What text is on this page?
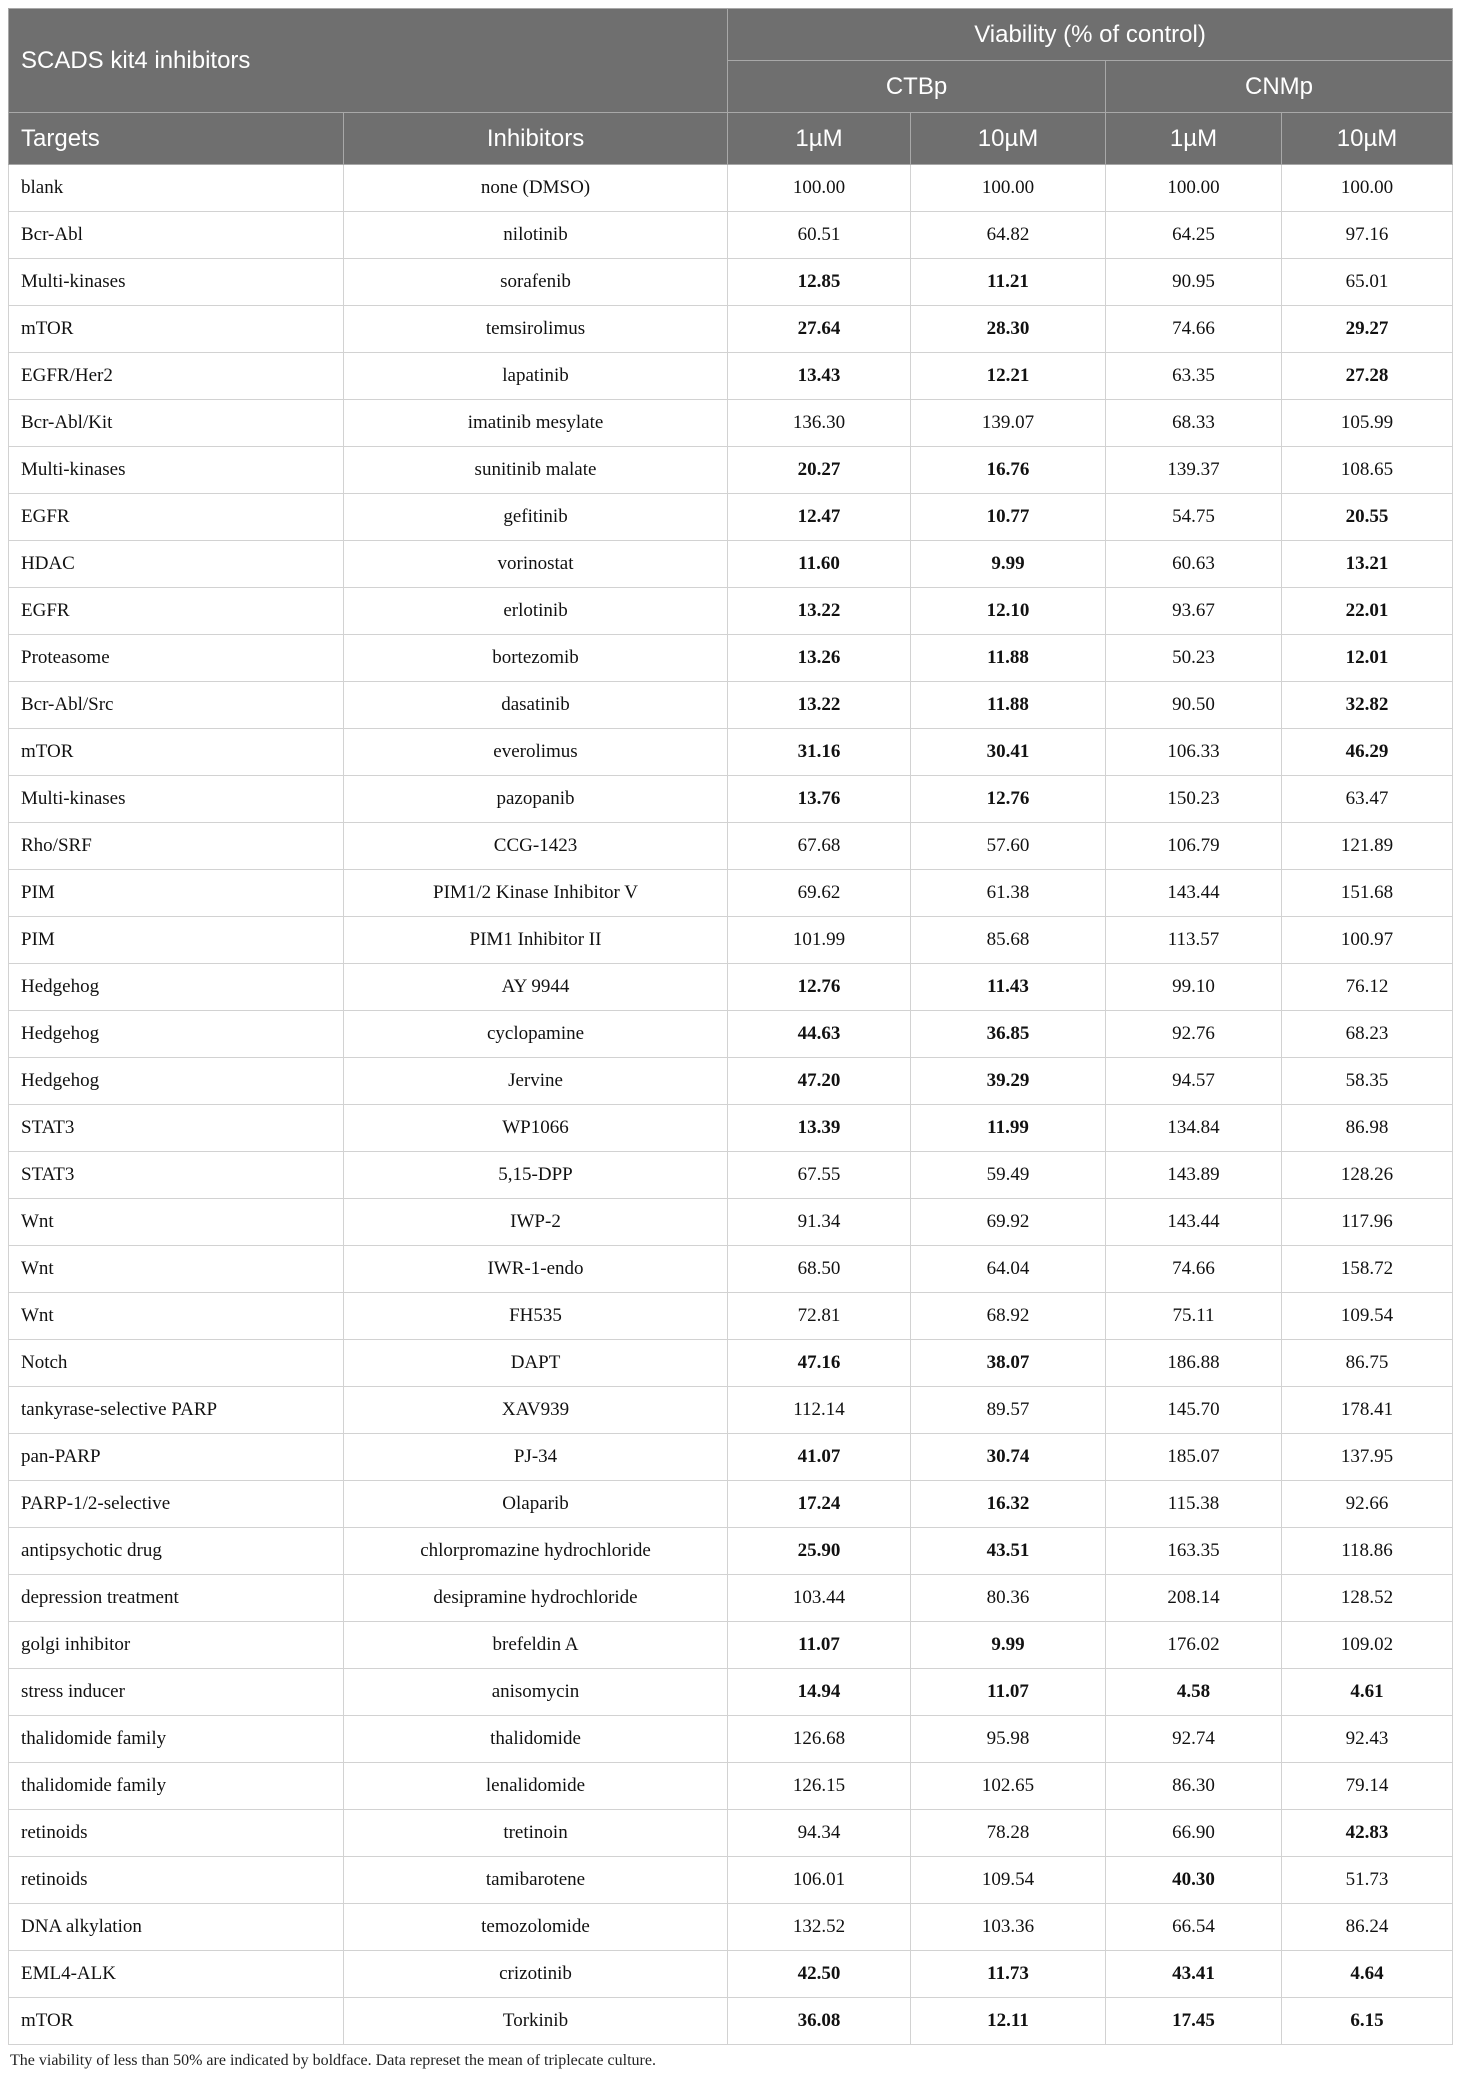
SCADS kit4 inhibitors		Viability (% of control)			
		CTBp		CNMp	
Targets	Inhibitors	1µM	10µM	1µM	10µM
blank	none (DMSO)	100.00	100.00	100.00	100.00
Bcr-Abl	nilotinib	60.51	64.82	64.25	97.16
Multi-kinases	sorafenib	12.85	11.21	90.95	65.01
mTOR	temsirolimus	27.64	28.30	74.66	29.27
EGFR/Her2	lapatinib	13.43	12.21	63.35	27.28
Bcr-Abl/Kit	imatinib mesylate	136.30	139.07	68.33	105.99
Multi-kinases	sunitinib malate	20.27	16.76	139.37	108.65
EGFR	gefitinib	12.47	10.77	54.75	20.55
HDAC	vorinostat	11.60	9.99	60.63	13.21
EGFR	erlotinib	13.22	12.10	93.67	22.01
Proteasome	bortezomib	13.26	11.88	50.23	12.01
Bcr-Abl/Src	dasatinib	13.22	11.88	90.50	32.82
mTOR	everolimus	31.16	30.41	106.33	46.29
Multi-kinases	pazopanib	13.76	12.76	150.23	63.47
Rho/SRF	CCG-1423	67.68	57.60	106.79	121.89
PIM	PIM1/2 Kinase Inhibitor V	69.62	61.38	143.44	151.68
PIM	PIM1 Inhibitor II	101.99	85.68	113.57	100.97
Hedgehog	AY 9944	12.76	11.43	99.10	76.12
Hedgehog	cyclopamine	44.63	36.85	92.76	68.23
Hedgehog	Jervine	47.20	39.29	94.57	58.35
STAT3	WP1066	13.39	11.99	134.84	86.98
STAT3	5,15-DPP	67.55	59.49	143.89	128.26
Wnt	IWP-2	91.34	69.92	143.44	117.96
Wnt	IWR-1-endo	68.50	64.04	74.66	158.72
Wnt	FH535	72.81	68.92	75.11	109.54
Notch	DAPT	47.16	38.07	186.88	86.75
tankyrase-selective PARP	XAV939	112.14	89.57	145.70	178.41
pan-PARP	PJ-34	41.07	30.74	185.07	137.95
PARP-1/2-selective	Olaparib	17.24	16.32	115.38	92.66
antipsychotic drug	chlorpromazine hydrochloride	25.90	43.51	163.35	118.86
depression treatment	desipramine hydrochloride	103.44	80.36	208.14	128.52
golgi inhibitor	brefeldin A	11.07	9.99	176.02	109.02
stress inducer	anisomycin	14.94	11.07	4.58	4.61
thalidomide family	thalidomide	126.68	95.98	92.74	92.43
thalidomide family	lenalidomide	126.15	102.65	86.30	79.14
retinoids	tretinoin	94.34	78.28	66.90	42.83
retinoids	tamibarotene	106.01	109.54	40.30	51.73
DNA alkylation	temozolomide	132.52	103.36	66.54	86.24
EML4-ALK	crizotinib	42.50	11.73	43.41	4.64
mTOR	Torkinib	36.08	12.11	17.45	6.15
The viability of less than 50% are indicated by boldface. Data represet the mean of triplecate culture.
